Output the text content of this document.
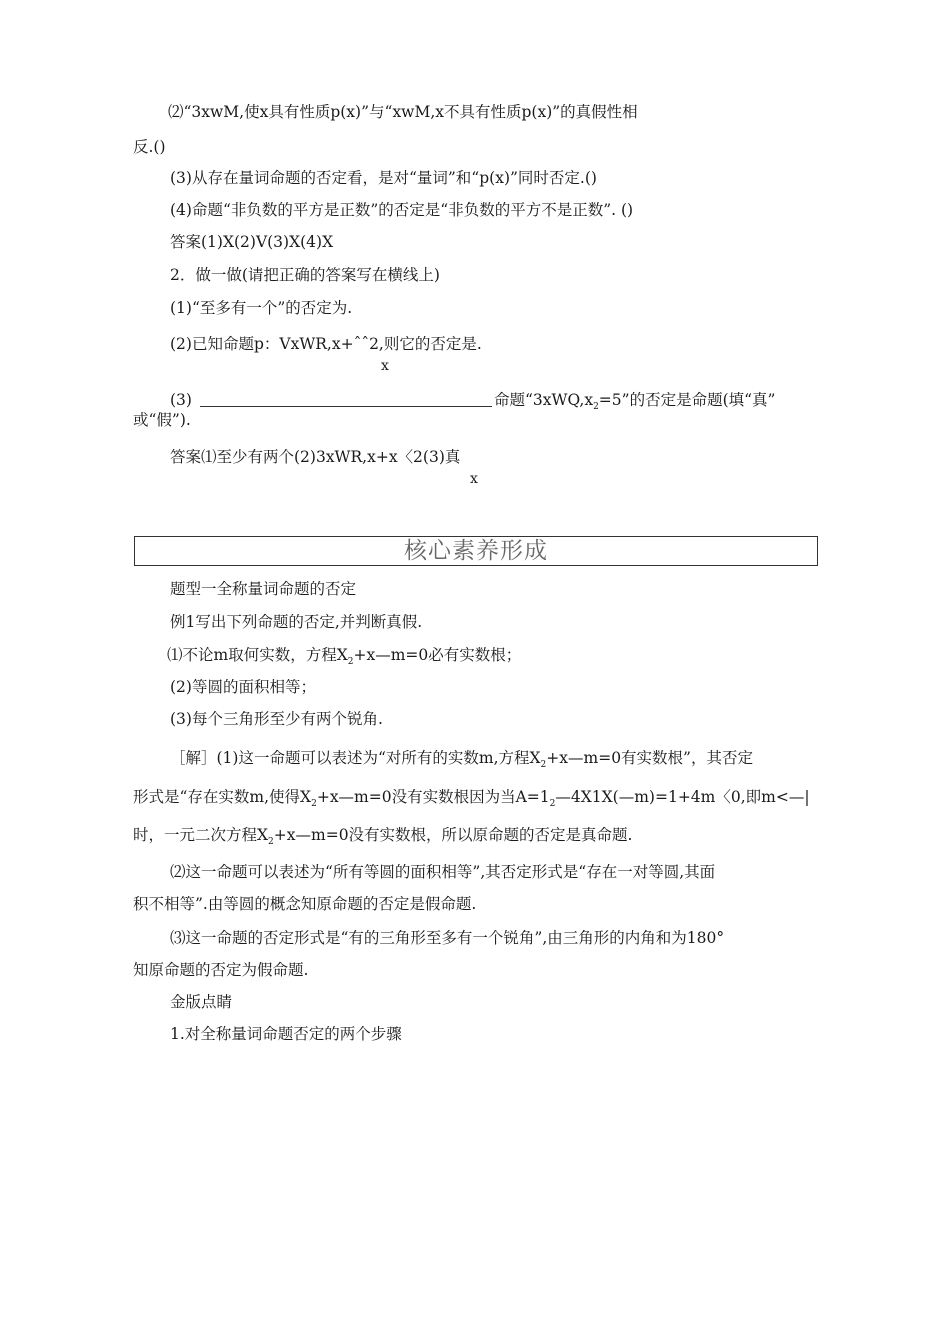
⑵“3xwM,使x具有性质p(x)”与“xwM,x不具有性质p(x)”的真假性相
反.()
(3)从存在量词命题的否定看，是对“量词”和“p(x)”同时否定.()
(4)命题“非负数的平方是正数”的否定是“非负数的平方不是正数”. ()
答案(1)X(2)V(3)X(4)X
2．做一做(请把正确的答案写在横线上)
(1)“至多有一个”的否定为.
(2)已知命题p：VxWR,x+ˆˆ2,则它的否定是.
x
(3)	命题“$3xWQ,x_2=5$”的否定是命题(填“真”
或“假”).
答案⑴至少有两个(2)3xWR,x+x〈2(3)真
x
核心素养形成
题型一全称量词命题的否定
例1写出下列命题的否定,并判断真假.
⑴不论m取何实数，方程$X_2+x—m=0$必有实数根；
(2)等圆的面积相等；
(3)每个三角形至少有两个锐角.
［解］(1)这一命题可以表述为“对所有的实数m,方程$X_2+x—m=0$有实数根”，其否定
形式是“存在实数m,使得$X_2+x—m=0$没有实数根因为当$A=1_2—4X1X(—m)=1+4m$〈0,即m<—|
时，一元二次方程$X_2+x—m=0$没有实数根，所以原命题的否定是真命题.
⑵这一命题可以表述为“所有等圆的面积相等”,其否定形式是“存在一对等圆,其面
积不相等”.由等圆的概念知原命题的否定是假命题.
⑶这一命题的否定形式是“有的三角形至多有一个锐角”,由三角形的内角和为180°
知原命题的否定为假命题.
金版点睛
1.对全称量词命题否定的两个步骤
